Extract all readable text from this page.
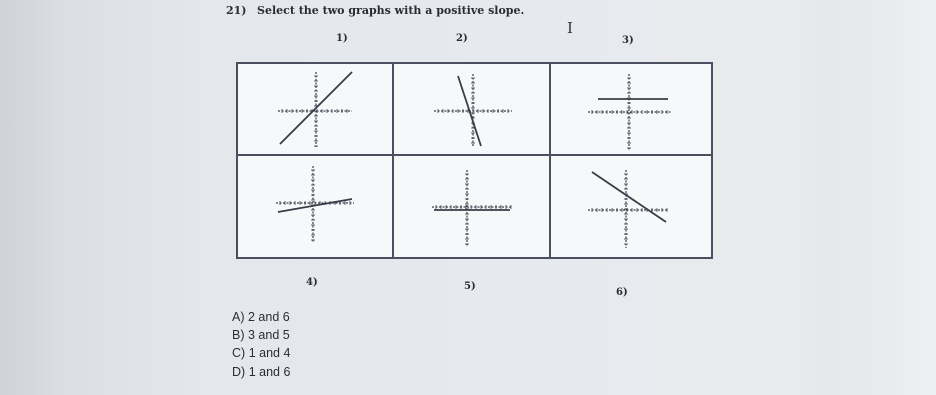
21) Select the two graphs with a positive slope.
I
1)	2)	3)
4)	5)
6)
A) 2 and 6
B) 3 and 5
C) 1 and 4
D) 1 and 6
